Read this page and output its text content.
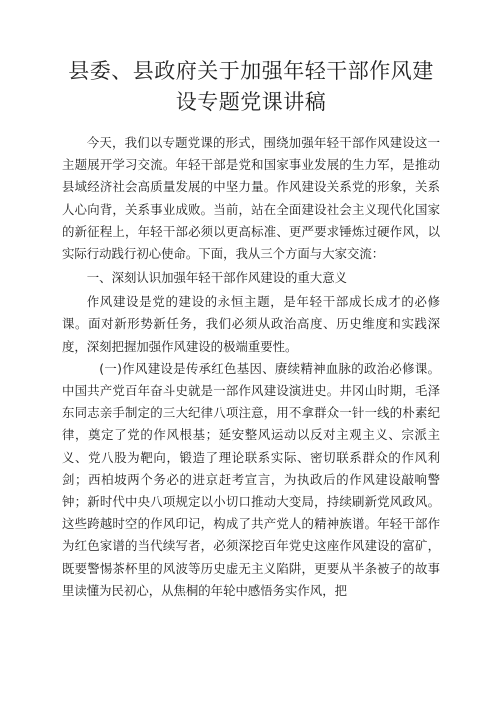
县委、县政府关于加强年轻干部作风建
设专题党课讲稿

今天，我们以专题党课的形式，围绕加强年轻干部作风建设这一主题展开学习交流。年轻干部是党和国家事业发展的生力军，是推动县域经济社会高质量发展的中坚力量。作风建设关系党的形象，关系人心向背，关系事业成败。当前，站在全面建设社会主义现代化国家的新征程上，年轻干部必须以更高标准、更严要求锤炼过硬作风，以实际行动践行初心使命。下面，我从三个方面与大家交流：

一、深刻认识加强年轻干部作风建设的重大意义

作风建设是党的建设的永恒主题，是年轻干部成长成才的必修课。面对新形势新任务，我们必须从政治高度、历史维度和实践深度，深刻把握加强作风建设的极端重要性。

(一)作风建设是传承红色基因、赓续精神血脉的政治必修课。中国共产党百年奋斗史就是一部作风建设演进史。井冈山时期，毛泽东同志亲手制定的三大纪律八项注意，用不拿群众一针一线的朴素纪律，奠定了党的作风根基；延安整风运动以反对主观主义、宗派主义、党八股为靶向，锻造了理论联系实际、密切联系群众的作风利剑；西柏坡两个务必的进京赶考宣言，为执政后的作风建设敲响警钟；新时代中央八项规定以小切口推动大变局，持续刷新党风政风。这些跨越时空的作风印记，构成了共产党人的精神族谱。年轻干部作为红色家谱的当代续写者，必须深挖百年党史这座作风建设的富矿，既要警惕茶杯里的风波等历史虚无主义陷阱，更要从半条被子的故事里读懂为民初心，从焦桐的年轮中感悟务实作风，把
